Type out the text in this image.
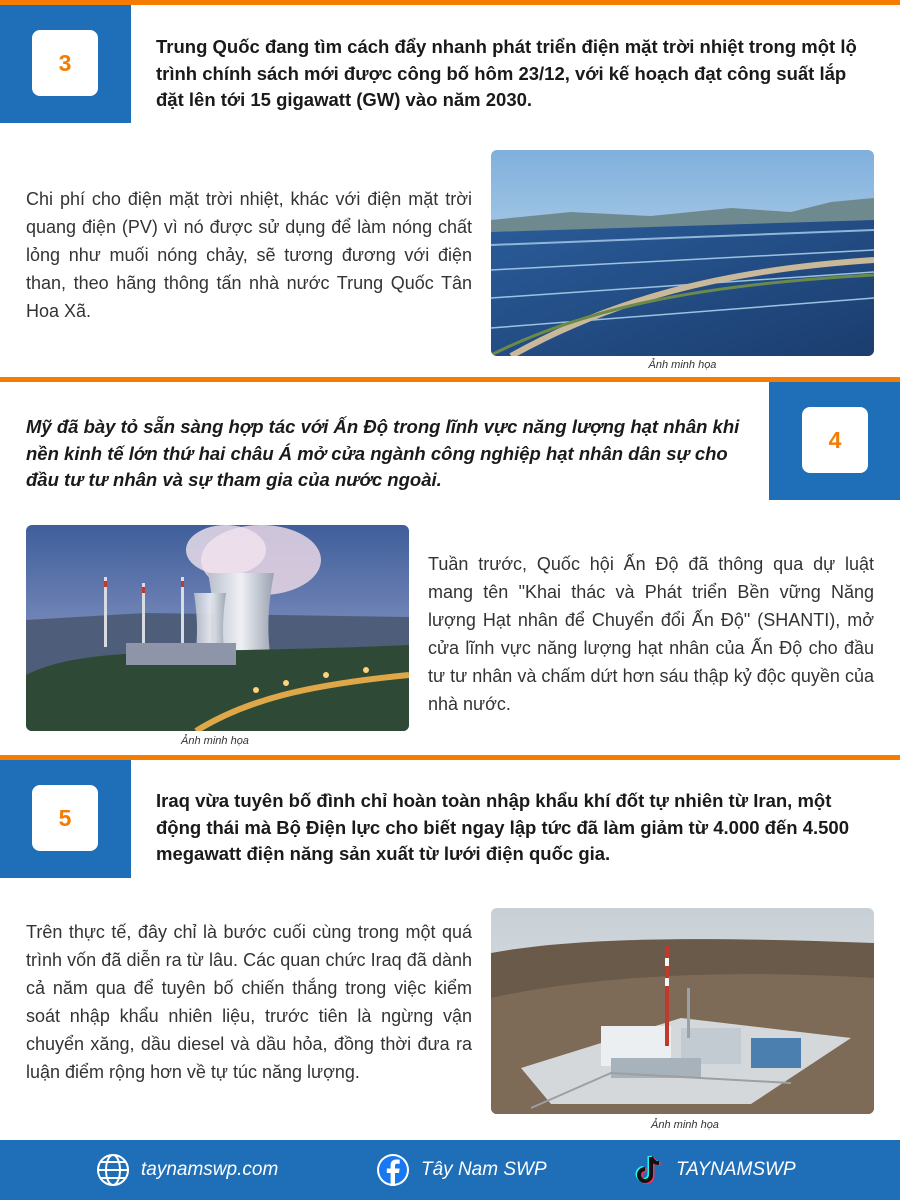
3
Trung Quốc đang tìm cách đẩy nhanh phát triển điện mặt trời nhiệt trong một lộ trình chính sách mới được công bố hôm 23/12, với kế hoạch đạt công suất lắp đặt lên tới 15 gigawatt (GW) vào năm 2030.
Chi phí cho điện mặt trời nhiệt, khác với điện mặt trời quang điện (PV) vì nó được sử dụng để làm nóng chất lỏng như muối nóng chảy, sẽ tương đương với điện than, theo hãng thông tấn nhà nước Trung Quốc Tân Hoa Xã.
Ảnh minh họa
4
Mỹ đã bày tỏ sẵn sàng hợp tác với Ấn Độ trong lĩnh vực năng lượng hạt nhân khi nền kinh tế lớn thứ hai châu Á mở cửa ngành công nghiệp hạt nhân dân sự cho đầu tư tư nhân và sự tham gia của nước ngoài.
Ảnh minh họa
Tuần trước, Quốc hội Ấn Độ đã thông qua dự luật mang tên "Khai thác và Phát triển Bền vững Năng lượng Hạt nhân để Chuyển đổi Ấn Độ" (SHANTI), mở cửa lĩnh vực năng lượng hạt nhân của Ấn Độ cho đầu tư tư nhân và chấm dứt hơn sáu thập kỷ độc quyền của nhà nước.
5
Iraq vừa tuyên bố đình chỉ hoàn toàn nhập khẩu khí đốt tự nhiên từ Iran, một động thái mà Bộ Điện lực cho biết ngay lập tức đã làm giảm từ 4.000 đến 4.500 megawatt điện năng sản xuất từ lưới điện quốc gia.
Trên thực tế, đây chỉ là bước cuối cùng trong một quá trình vốn đã diễn ra từ lâu. Các quan chức Iraq đã dành cả năm qua để tuyên bố chiến thắng trong việc kiểm soát nhập khẩu nhiên liệu, trước tiên là ngừng vận chuyển xăng, dầu diesel và dầu hỏa, đồng thời đưa ra luận điểm rộng hơn về tự túc năng lượng.
Ảnh minh họa
taynamswp.com	Tây Nam SWP	TAYNAMSWP
